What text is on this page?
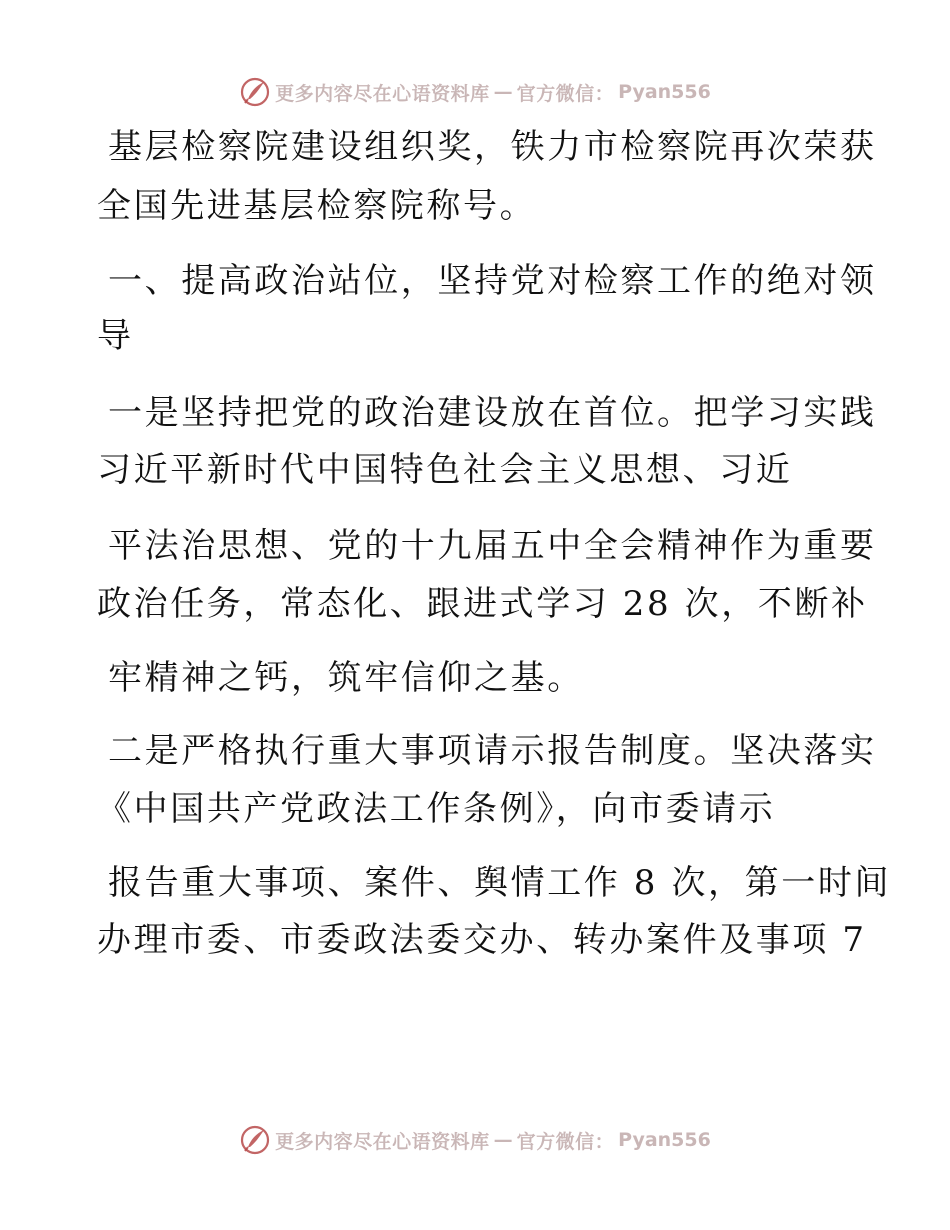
更多内容尽在心语资料库 — 官方微信： Pyan556
基层检察院建设组织奖，铁力市检察院再次荣获
全国先进基层检察院称号。
一、提高政治站位，坚持党对检察工作的绝对领
导
一是坚持把党的政治建设放在首位。把学习实践
习近平新时代中国特色社会主义思想、习近
平法治思想、党的十九届五中全会精神作为重要
政治任务，常态化、跟进式学习 28 次，不断补
牢精神之钙，筑牢信仰之基。
二是严格执行重大事项请示报告制度。坚决落实
《中国共产党政法工作条例》，向市委请示
报告重大事项、案件、舆情工作 8 次，第一时间
办理市委、市委政法委交办、转办案件及事项 7
更多内容尽在心语资料库 — 官方微信： Pyan556
